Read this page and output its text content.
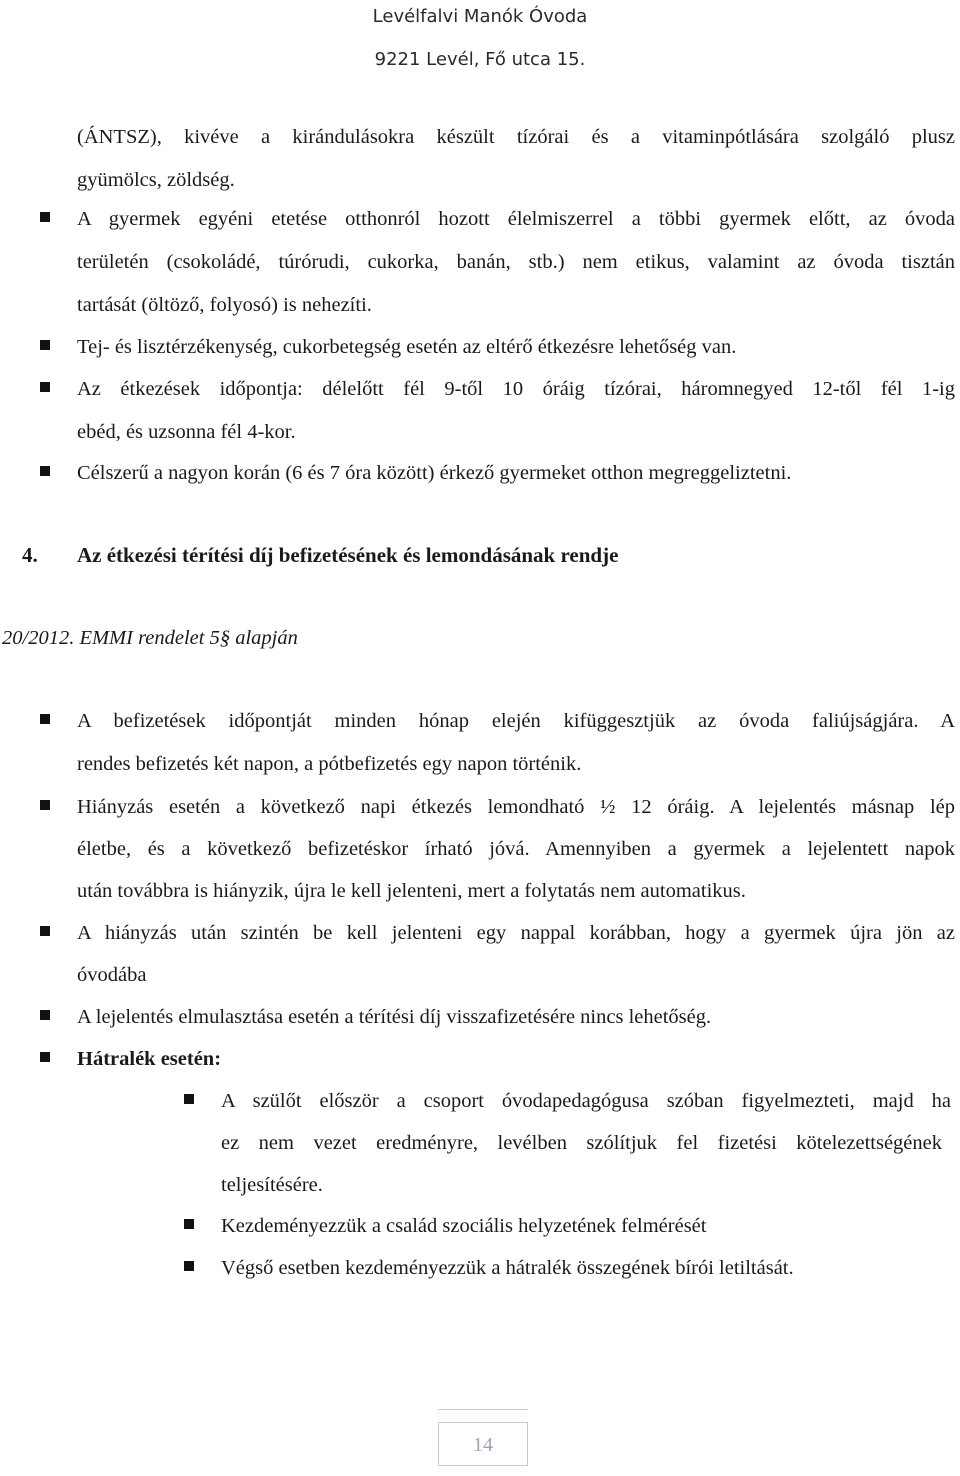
Levélfalvi Manók Óvoda
9221 Levél, Fő utca 15.
(ÁNTSZ), kivéve a kirándulásokra készült tízórai és a vitaminpótlására szolgáló plusz
gyümölcs, zöldség.
A gyermek egyéni etetése otthonról hozott élelmiszerrel a többi gyermek előtt, az óvoda
területén (csokoládé, túrórudi, cukorka, banán, stb.) nem etikus, valamint az óvoda tisztán
tartását (öltöző, folyosó) is nehezíti.
Tej- és lisztérzékenység, cukorbetegség esetén az eltérő étkezésre lehetőség van.
Az étkezések időpontja: délelőtt fél 9-től 10 óráig tízórai, háromnegyed 12-től fél 1-ig
ebéd, és uzsonna fél 4-kor.
Célszerű a nagyon korán (6 és 7 óra között) érkező gyermeket otthon megreggeliztetni.
4. Az étkezési térítési díj befizetésének és lemondásának rendje
20/2012. EMMI rendelet 5§ alapján
A befizetések időpontját minden hónap elején kifüggesztjük az óvoda faliújságjára. A
rendes befizetés két napon, a pótbefizetés egy napon történik.
Hiányzás esetén a következő napi étkezés lemondható ½ 12 óráig. A lejelentés másnap lép
életbe, és a következő befizetéskor írható jóvá. Amennyiben a gyermek a lejelentett napok
után továbbra is hiányzik, újra le kell jelenteni, mert a folytatás nem automatikus.
A hiányzás után szintén be kell jelenteni egy nappal korábban, hogy a gyermek újra jön az
óvodába
A lejelentés elmulasztása esetén a térítési díj visszafizetésére nincs lehetőség.
Hátralék esetén:
A szülőt először a csoport óvodapedagógusa szóban figyelmezteti, majd ha
ez nem vezet eredményre, levélben szólítjuk fel fizetési kötelezettségének
teljesítésére.
Kezdeményezzük a család szociális helyzetének felmérését
Végső esetben kezdeményezzük a hátralék összegének bírói letiltását.
14
